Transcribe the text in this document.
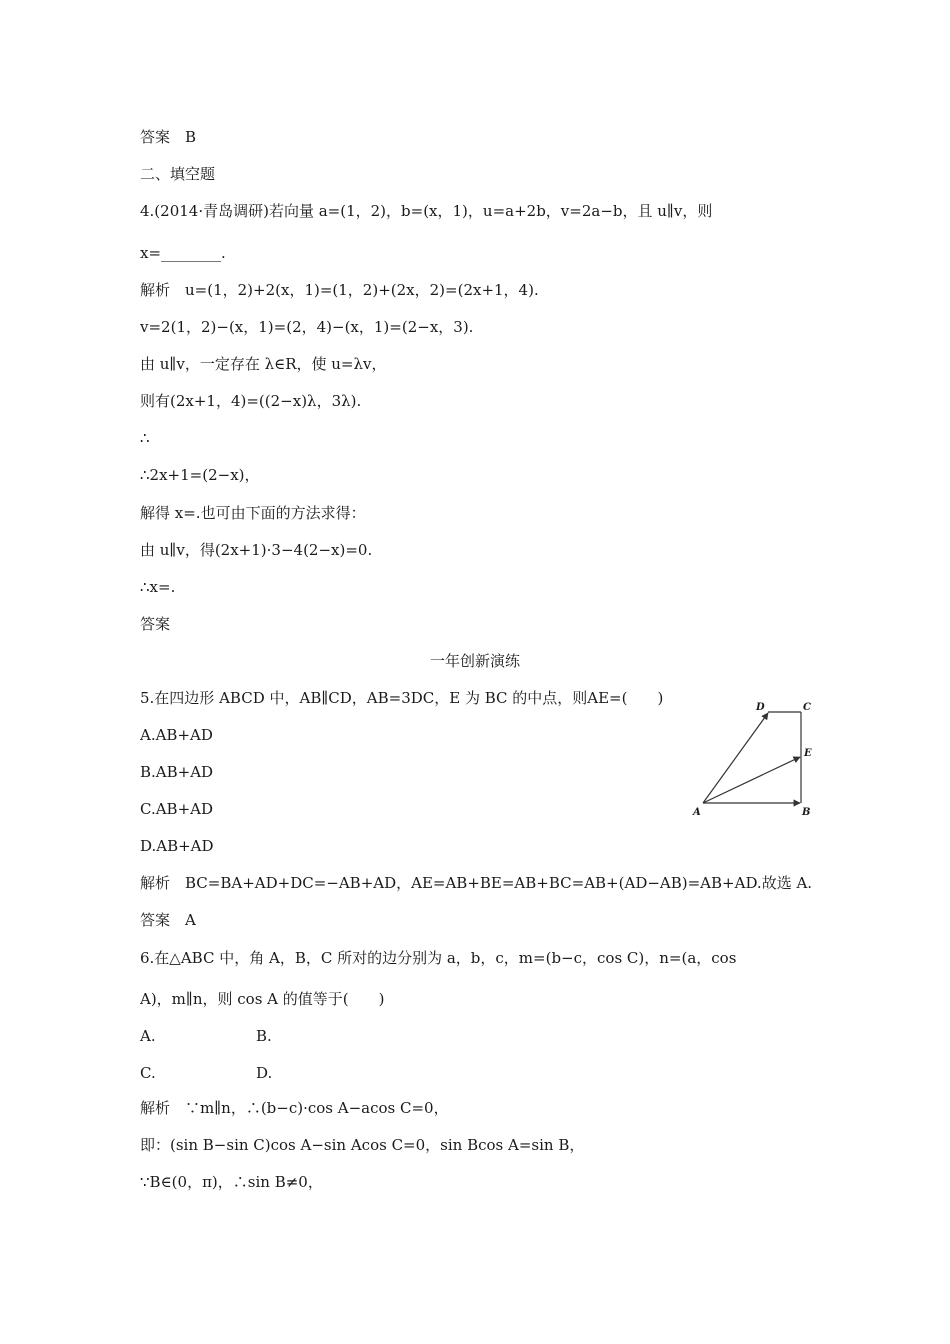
答案　B
二、填空题
4.(2014·青岛调研)若向量 a=(1，2)，b=(x，1)，u=a+2b，v=2a−b，且 u∥v，则
x=________.
解析　u=(1，2)+2(x，1)=(1，2)+(2x，2)=(2x+1，4).
v=2(1，2)−(x，1)=(2，4)−(x，1)=(2−x，3).
由 u∥v，一定存在 λ∈R，使 u=λv，
则有(2x+1，4)=((2−x)λ，3λ).
∴
∴2x+1=(2−x)，
解得 x=.也可由下面的方法求得：
由 u∥v，得(2x+1)·3−4(2−x)=0.
∴x=.
答案
一年创新演练
5.在四边形 ABCD 中，AB∥CD，AB=3DC，E 为 BC 的中点，则AE=(　　)
A.AB+AD
B.AB+AD
C.AB+AD
D.AB+AD
解析　BC=BA+AD+DC=−AB+AD，AE=AB+BE=AB+BC=AB+(AD−AB)=AB+AD.故选 A.
答案　A
6.在△ABC 中，角 A，B，C 所对的边分别为 a，b，c，m=(b−c，cos C)，n=(a，cos
A)，m∥n，则 cos A 的值等于(　　)
A.	B.
C.	D.
解析　∵m∥n，∴(b−c)·cos A−acos C=0，
即：(sin B−sin C)cos A−sin Acos C=0，sin Bcos A=sin B，
∵B∈(0，π)，∴sin B≠0，
D	C
E
A	B
